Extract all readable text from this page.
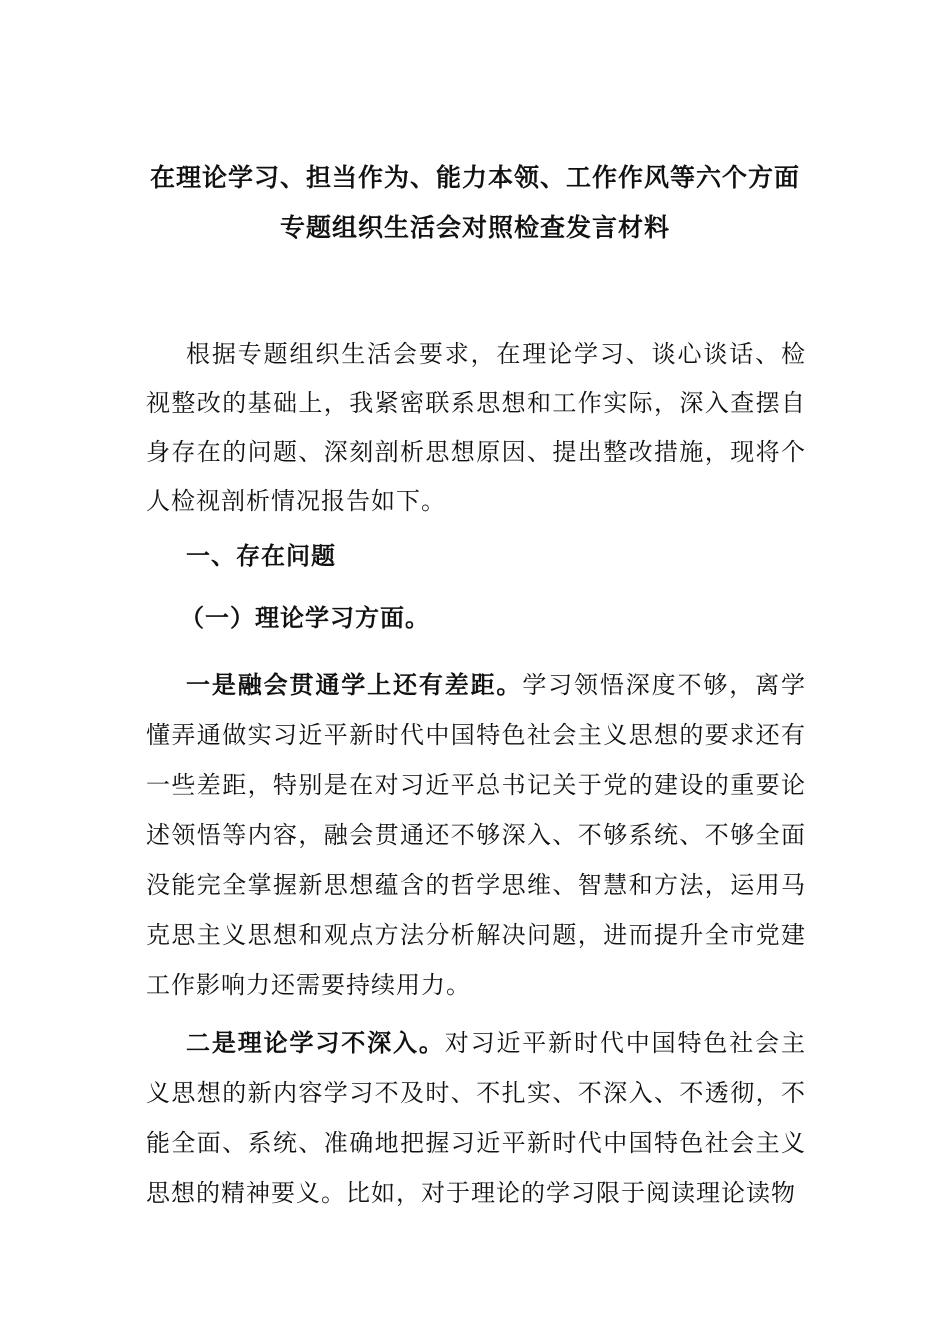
在理论学习、担当作为、能力本领、工作作风等六个方面
专题组织生活会对照检查发言材料
根据专题组织生活会要求，在理论学习、谈心谈话、检视整改的基础上，我紧密联系思想和工作实际，深入查摆自身存在的问题、深刻剖析思想原因、提出整改措施，现将个人检视剖析情况报告如下。
一、存在问题
（一）理论学习方面。
一是融会贯通学上还有差距。学习领悟深度不够，离学懂弄通做实习近平新时代中国特色社会主义思想的要求还有一些差距，特别是在对习近平总书记关于党的建设的重要论述领悟等内容，融会贯通还不够深入、不够系统、不够全面没能完全掌握新思想蕴含的哲学思维、智慧和方法，运用马克思主义思想和观点方法分析解决问题，进而提升全市党建工作影响力还需要持续用力。
二是理论学习不深入。对习近平新时代中国特色社会主义思想的新内容学习不及时、不扎实、不深入、不透彻，不能全面、系统、准确地把握习近平新时代中国特色社会主义思想的精神要义。比如，对于理论的学习限于阅读理论读物
